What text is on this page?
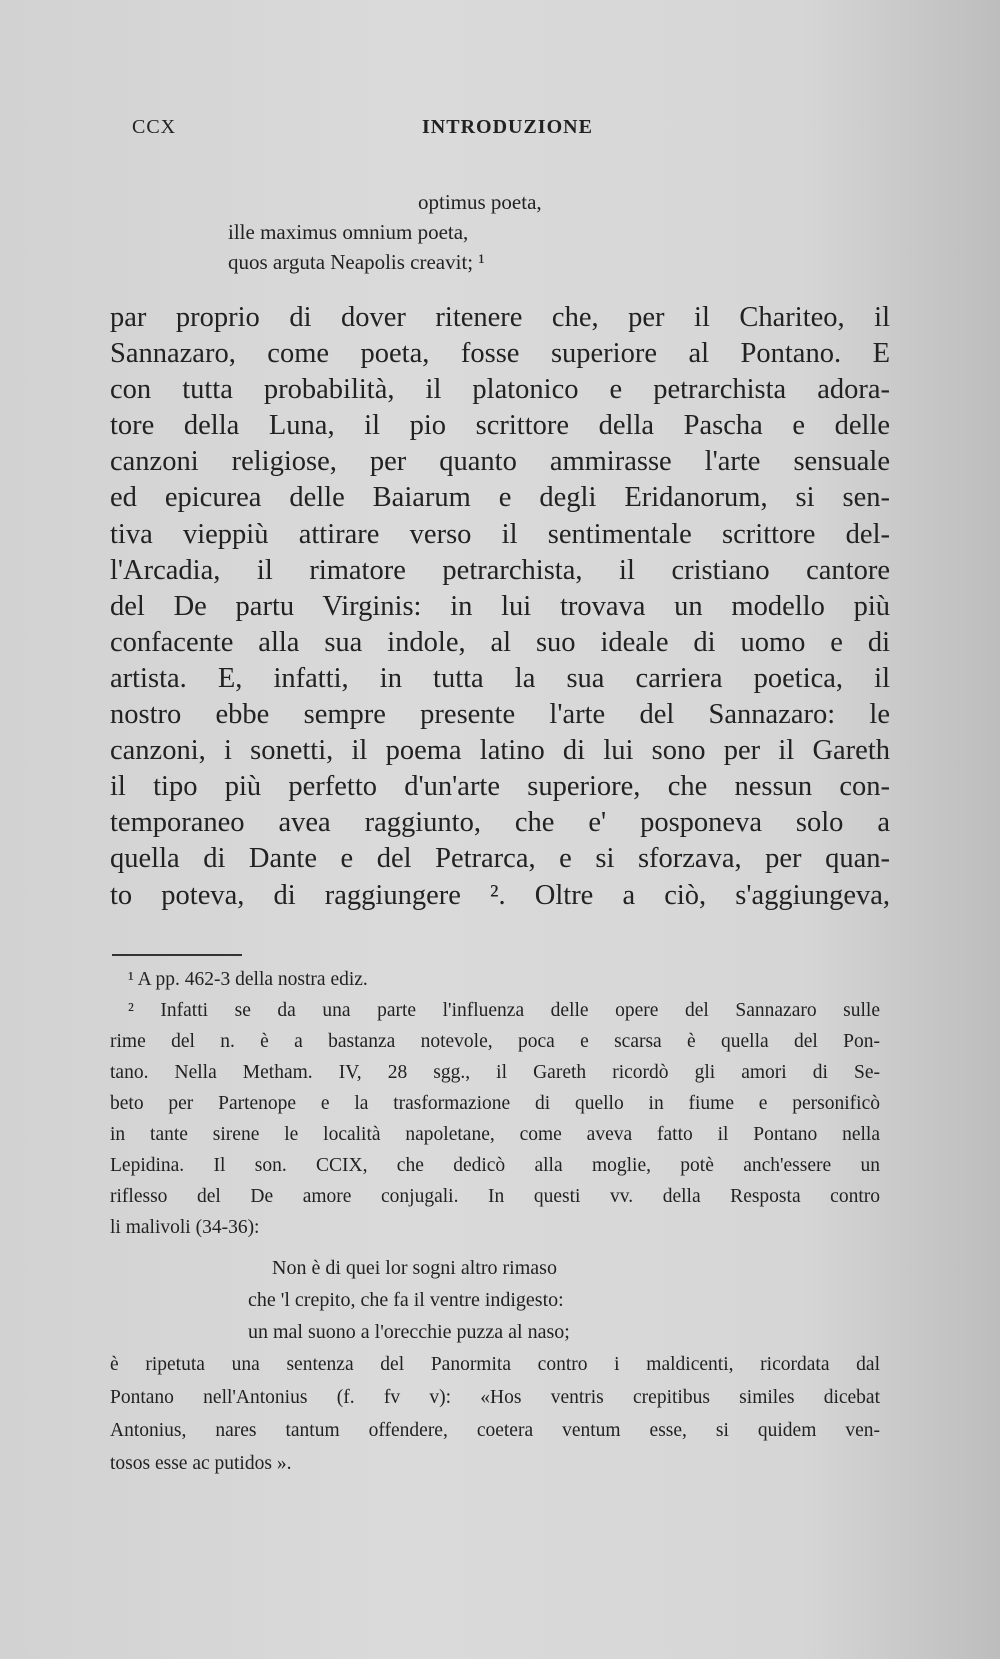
CCX	INTRODUZIONE
optimus poeta,
ille maximus omnium poeta,
quos arguta Neapolis creavit; ¹
par proprio di dover ritenere che, per il Chariteo, il
Sannazaro, come poeta, fosse superiore al Pontano. E
con tutta probabilità, il platonico e petrarchista adora-
tore della Luna, il pio scrittore della Pascha e delle
canzoni religiose, per quanto ammirasse l'arte sensuale
ed epicurea delle Baiarum e degli Eridanorum, si sen-
tiva vieppiù attirare verso il sentimentale scrittore del-
l'Arcadia, il rimatore petrarchista, il cristiano cantore
del De partu Virginis: in lui trovava un modello più
confacente alla sua indole, al suo ideale di uomo e di
artista. E, infatti, in tutta la sua carriera poetica, il
nostro ebbe sempre presente l'arte del Sannazaro: le
canzoni, i sonetti, il poema latino di lui sono per il Gareth
il tipo più perfetto d'un'arte superiore, che nessun con-
temporaneo avea raggiunto, che e' posponeva solo a
quella di Dante e del Petrarca, e si sforzava, per quan-
to poteva, di raggiungere ². Oltre a ciò, s'aggiungeva,
¹ A pp. 462-3 della nostra ediz.
² Infatti se da una parte l'influenza delle opere del Sannazaro sulle
rime del n. è a bastanza notevole, poca e scarsa è quella del Pon-
tano. Nella Metham. IV, 28 sgg., il Gareth ricordò gli amori di Se-
beto per Partenope e la trasformazione di quello in fiume e personificò
in tante sirene le località napoletane, come aveva fatto il Pontano nella
Lepidina. Il son. CCIX, che dedicò alla moglie, potè anch'essere un
riflesso del De amore conjugali. In questi vv. della Resposta contro
li malivoli (34-36):
Non è di quei lor sogni altro rimaso
che 'l crepito, che fa il ventre indigesto:
un mal suono a l'orecchie puzza al naso;
è ripetuta una sentenza del Panormita contro i maldicenti, ricordata dal
Pontano nell'Antonius (f. fv v): «Hos ventris crepitibus similes dicebat
Antonius, nares tantum offendere, coetera ventum esse, si quidem ven-
tosos esse ac putidos ».
